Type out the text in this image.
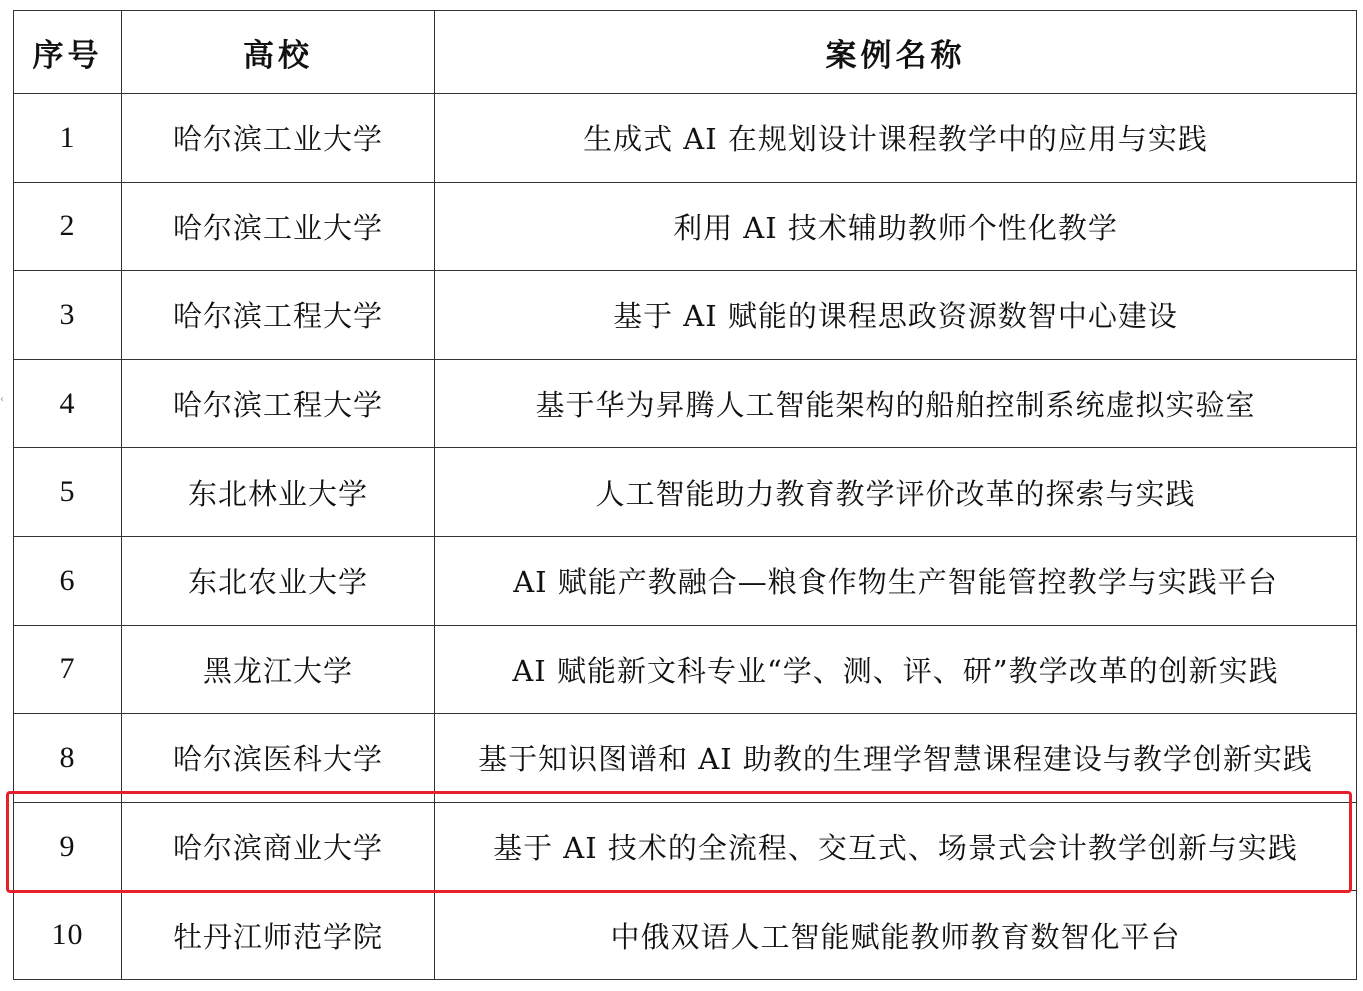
序号	高校	案例名称
1	哈尔滨工业大学	生成式 AI 在规划设计课程教学中的应用与实践
2	哈尔滨工业大学	利用 AI 技术辅助教师个性化教学
3	哈尔滨工程大学	基于 AI 赋能的课程思政资源数智中心建设
4	哈尔滨工程大学	基于华为昇腾人工智能架构的船舶控制系统虚拟实验室
5	东北林业大学	人工智能助力教育教学评价改革的探索与实践
6	东北农业大学	AI 赋能产教融合—粮食作物生产智能管控教学与实践平台
7	黑龙江大学	AI 赋能新文科专业“学、测、评、研”教学改革的创新实践
8	哈尔滨医科大学	基于知识图谱和 AI 助教的生理学智慧课程建设与教学创新实践
9	哈尔滨商业大学	基于 AI 技术的全流程、交互式、场景式会计教学创新与实践
10	牡丹江师范学院	中俄双语人工智能赋能教师教育数智化平台
‹
